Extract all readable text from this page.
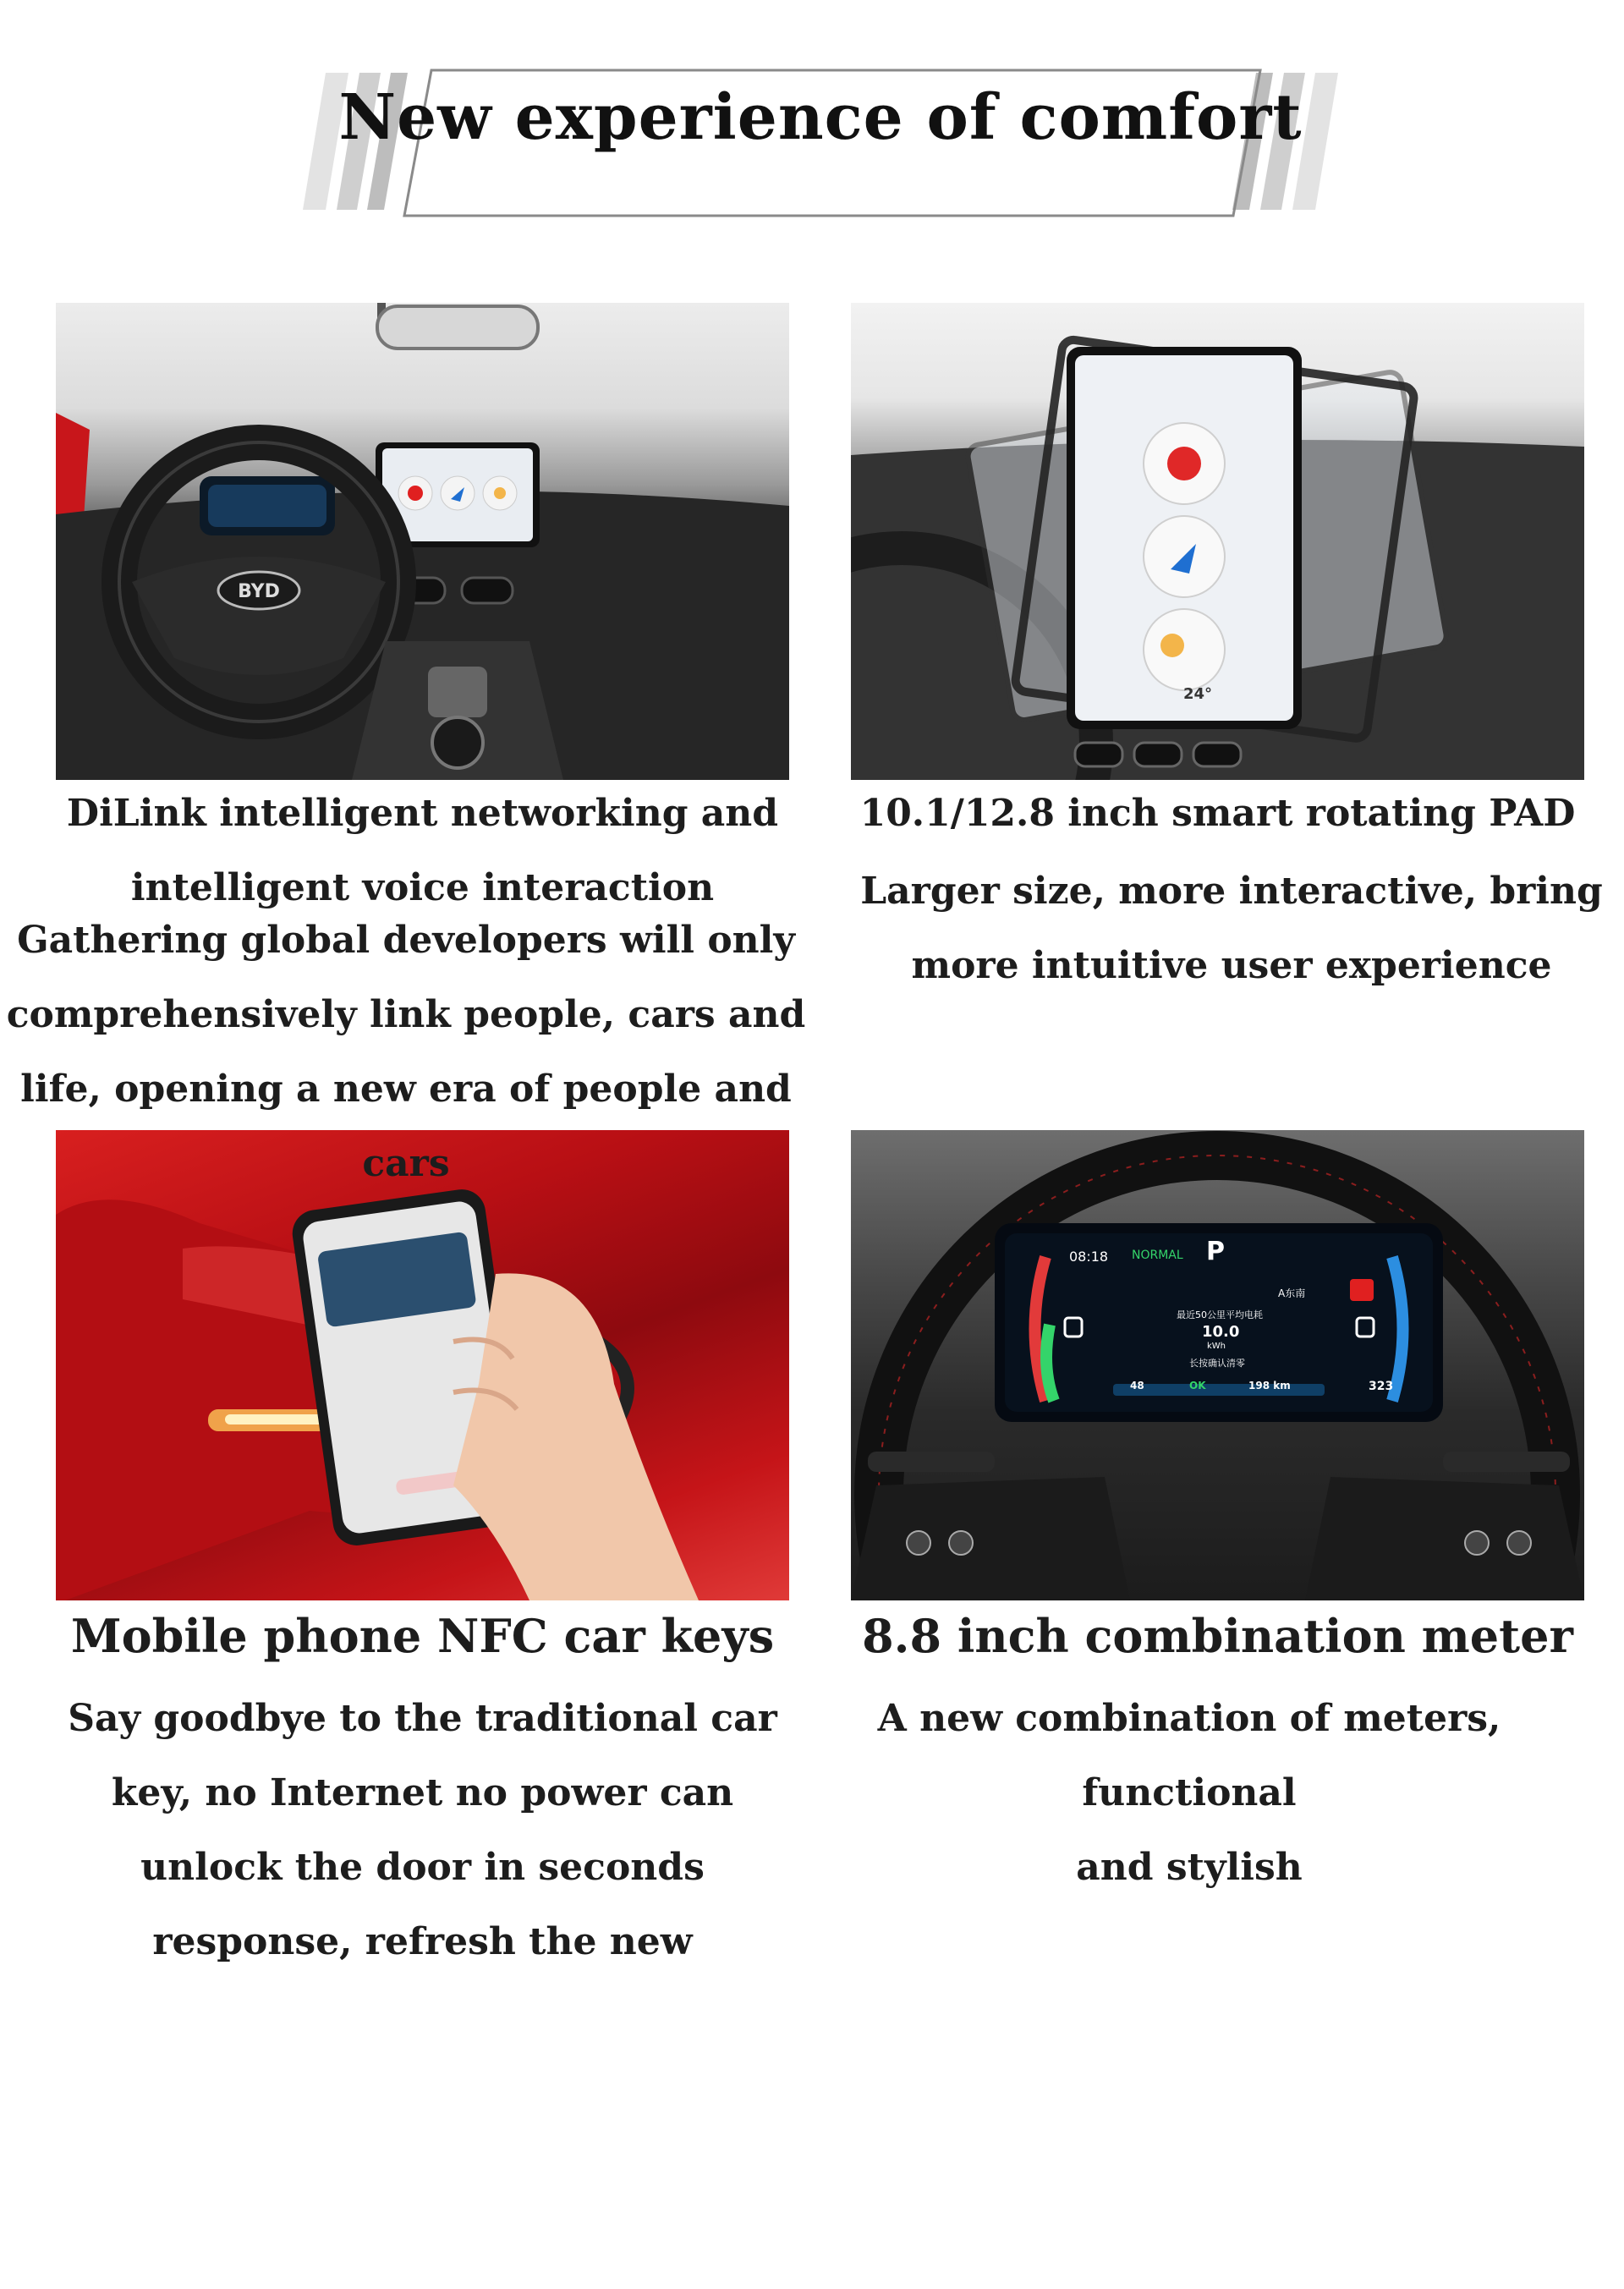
New experience of comfort
BYD
24°
08:18 NORMAL P
A东南
最近50公里平均电耗
10.0
kWh
长按确认清零
OK
48	198 km	323
DiLink intelligent networking and
intelligent voice interaction
Gathering global developers will only
comprehensively link people, cars and
life, opening a new era of people and cars
10.1/12.8 inch smart rotating PAD
Larger size, more interactive, bring
more intuitive user experience
Mobile phone NFC car keys
Say goodbye to the traditional car
key, no Internet no power can
unlock the door in seconds
response, refresh the new
8.8 inch combination meter
A new combination of meters, functional
and stylish
